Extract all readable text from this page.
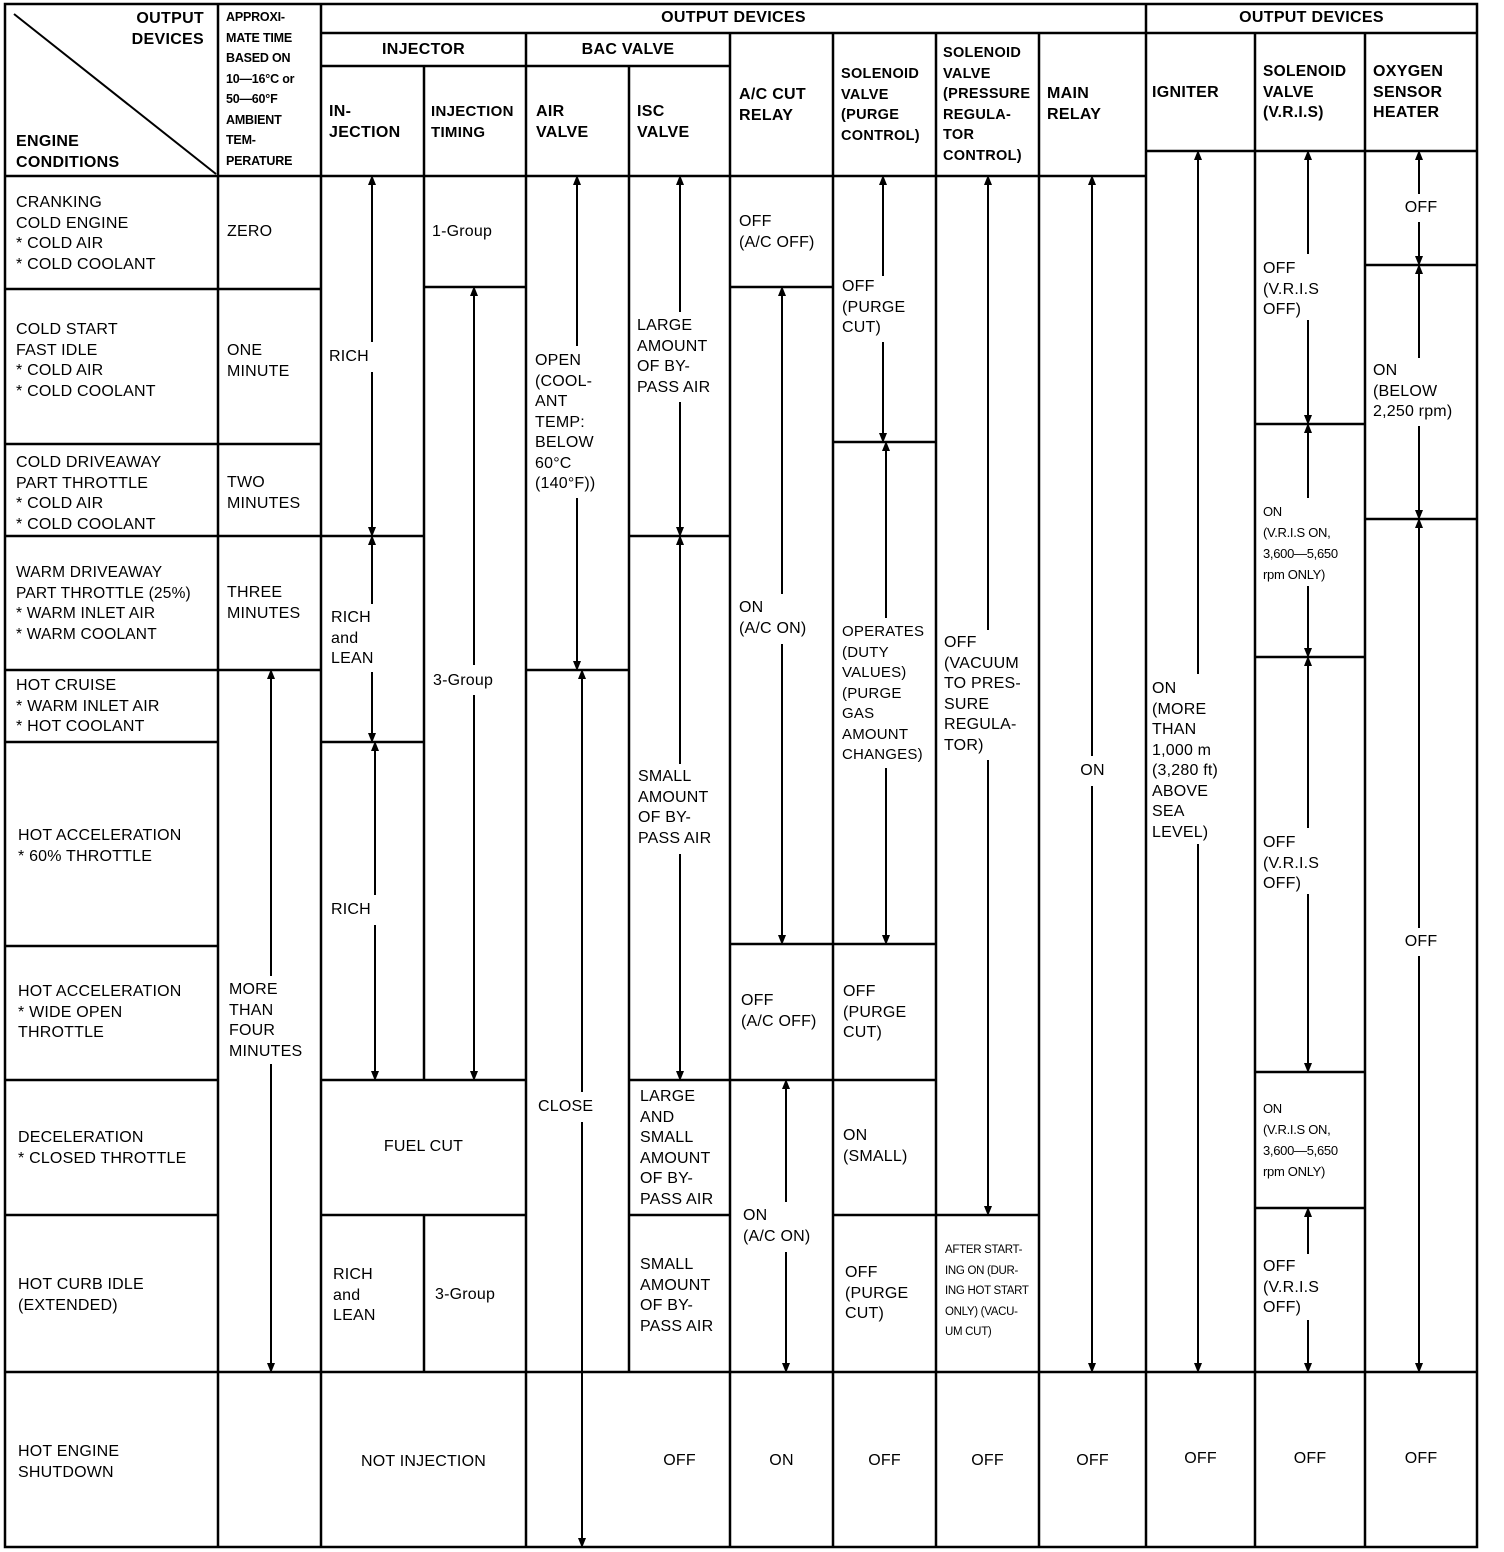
OUTPUT
DEVICES
ENGINE
CONDITIONS
APPROXI-
MATE TIME
BASED ON
10—16°C or
50—60°F
AMBIENT
TEM-
PERATURE
OUTPUT DEVICES	OUTPUT DEVICES
INJECTOR	BAC VALVE
IN-
JECTION
INJECTION
TIMING
AIR
VALVE
ISC
VALVE
A/C CUT
RELAY
SOLENOID
VALVE
(PURGE
CONTROL)
SOLENOID
VALVE
(PRESSURE
REGULA-
TOR
CONTROL)
MAIN
RELAY
IGNITER
SOLENOID
VALVE
(V.R.I.S)
OXYGEN
SENSOR
HEATER
CRANKING
COLD ENGINE
* COLD AIR
* COLD COOLANT
COLD START
FAST IDLE
* COLD AIR
* COLD COOLANT
COLD DRIVEAWAY
PART THROTTLE
* COLD AIR
* COLD COOLANT
WARM DRIVEAWAY
PART THROTTLE (25%)
* WARM INLET AIR
* WARM COOLANT
HOT CRUISE
* WARM INLET AIR
* HOT COOLANT
HOT ACCELERATION
* 60% THROTTLE
HOT ACCELERATION
* WIDE OPEN
THROTTLE
DECELERATION
* CLOSED THROTTLE
HOT CURB IDLE
(EXTENDED)
HOT ENGINE
SHUTDOWN
ZERO
ONE
MINUTE
TWO
MINUTES
THREE
MINUTES
MORE
THAN
FOUR
MINUTES
RICH
RICH
and
LEAN
RICH
FUEL CUT
RICH
and
LEAN
NOT INJECTION
1-Group
3-Group
3-Group
OPEN
(COOL-
ANT
TEMP:
BELOW
60°C
(140°F))
CLOSE
LARGE
AMOUNT
OF BY-
PASS AIR
SMALL
AMOUNT
OF BY-
PASS AIR
LARGE
AND
SMALL
AMOUNT
OF BY-
PASS AIR
SMALL
AMOUNT
OF BY-
PASS AIR
OFF
OFF
(A/C OFF)
ON
(A/C ON)
OFF
(A/C OFF)
ON
(A/C ON)
ON
OFF
(PURGE
CUT)
OPERATES
(DUTY
VALUES)
(PURGE
GAS
AMOUNT
CHANGES)
OFF
(PURGE
CUT)
ON
(SMALL)
OFF
(PURGE
CUT)
OFF
OFF
(VACUUM
TO PRES-
SURE
REGULA-
TOR)
AFTER START-
ING ON (DUR-
ING HOT START
ONLY) (VACU-
UM CUT)
OFF
ON
OFF
ON
(MORE
THAN
1,000 m
(3,280 ft)
ABOVE
SEA
LEVEL)
OFF
OFF
(V.R.I.S
OFF)
ON
(V.R.I.S ON,
3,600—5,650
rpm ONLY)
OFF
(V.R.I.S
OFF)
ON
(V.R.I.S ON,
3,600—5,650
rpm ONLY)
OFF
(V.R.I.S
OFF)
OFF
OFF
ON
(BELOW
2,250 rpm)
OFF
OFF
